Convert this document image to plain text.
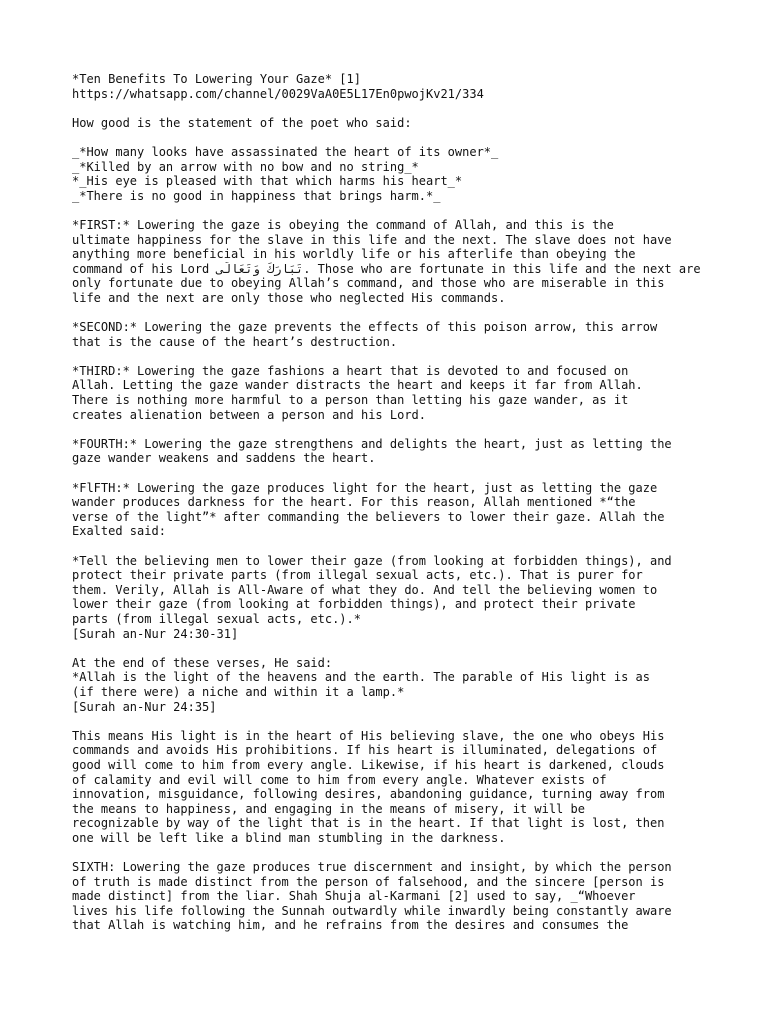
*Ten Benefits To Lowering Your Gaze* [1]
https://whatsapp.com/channel/0029VaA0E5L17En0pwojKv21/334
How good is the statement of the poet who said:
_*How many looks have assassinated the heart of its owner*_
_*Killed by an arrow with no bow and no string_*
*_His eye is pleased with that which harms his heart_*
_*There is no good in happiness that brings harm.*_
*FIRST:* Lowering the gaze is obeying the command of Allah, and this is the
ultimate happiness for the slave in this life and the next. The slave does not have
anything more beneficial in his worldly life or his afterlife than obeying the
command of his Lord تَبَارَكَ وَتَعَالَى. Those who are fortunate in this life and the next are
only fortunate due to obeying Allah’s command, and those who are miserable in this
life and the next are only those who neglected His commands.
*SECOND:* Lowering the gaze prevents the effects of this poison arrow, this arrow
that is the cause of the heart’s destruction.
*THIRD:* Lowering the gaze fashions a heart that is devoted to and focused on
Allah. Letting the gaze wander distracts the heart and keeps it far from Allah.
There is nothing more harmful to a person than letting his gaze wander, as it
creates alienation between a person and his Lord.
*FOURTH:* Lowering the gaze strengthens and delights the heart, just as letting the
gaze wander weakens and saddens the heart.
*FlFTH:* Lowering the gaze produces light for the heart, just as letting the gaze
wander produces darkness for the heart. For this reason, Allah mentioned *“the
verse of the light”* after commanding the believers to lower their gaze. Allah the
Exalted said:
*Tell the believing men to lower their gaze (from looking at forbidden things), and
protect their private parts (from illegal sexual acts, etc.). That is purer for
them. Verily, Allah is All-Aware of what they do. And tell the believing women to
lower their gaze (from looking at forbidden things), and protect their private
parts (from illegal sexual acts, etc.).*
[Surah an-Nur 24:30-31]
At the end of these verses, He said:
*Allah is the light of the heavens and the earth. The parable of His light is as
(if there were) a niche and within it a lamp.*
[Surah an-Nur 24:35]
This means His light is in the heart of His believing slave, the one who obeys His
commands and avoids His prohibitions. If his heart is illuminated, delegations of
good will come to him from every angle. Likewise, if his heart is darkened, clouds
of calamity and evil will come to him from every angle. Whatever exists of
innovation, misguidance, following desires, abandoning guidance, turning away from
the means to happiness, and engaging in the means of misery, it will be
recognizable by way of the light that is in the heart. If that light is lost, then
one will be left like a blind man stumbling in the darkness.
SIXTH: Lowering the gaze produces true discernment and insight, by which the person
of truth is made distinct from the person of falsehood, and the sincere [person is
made distinct] from the liar. Shah Shuja al-Karmani [2] used to say, _“Whoever
lives his life following the Sunnah outwardly while inwardly being constantly aware
that Allah is watching him, and he refrains from the desires and consumes the
